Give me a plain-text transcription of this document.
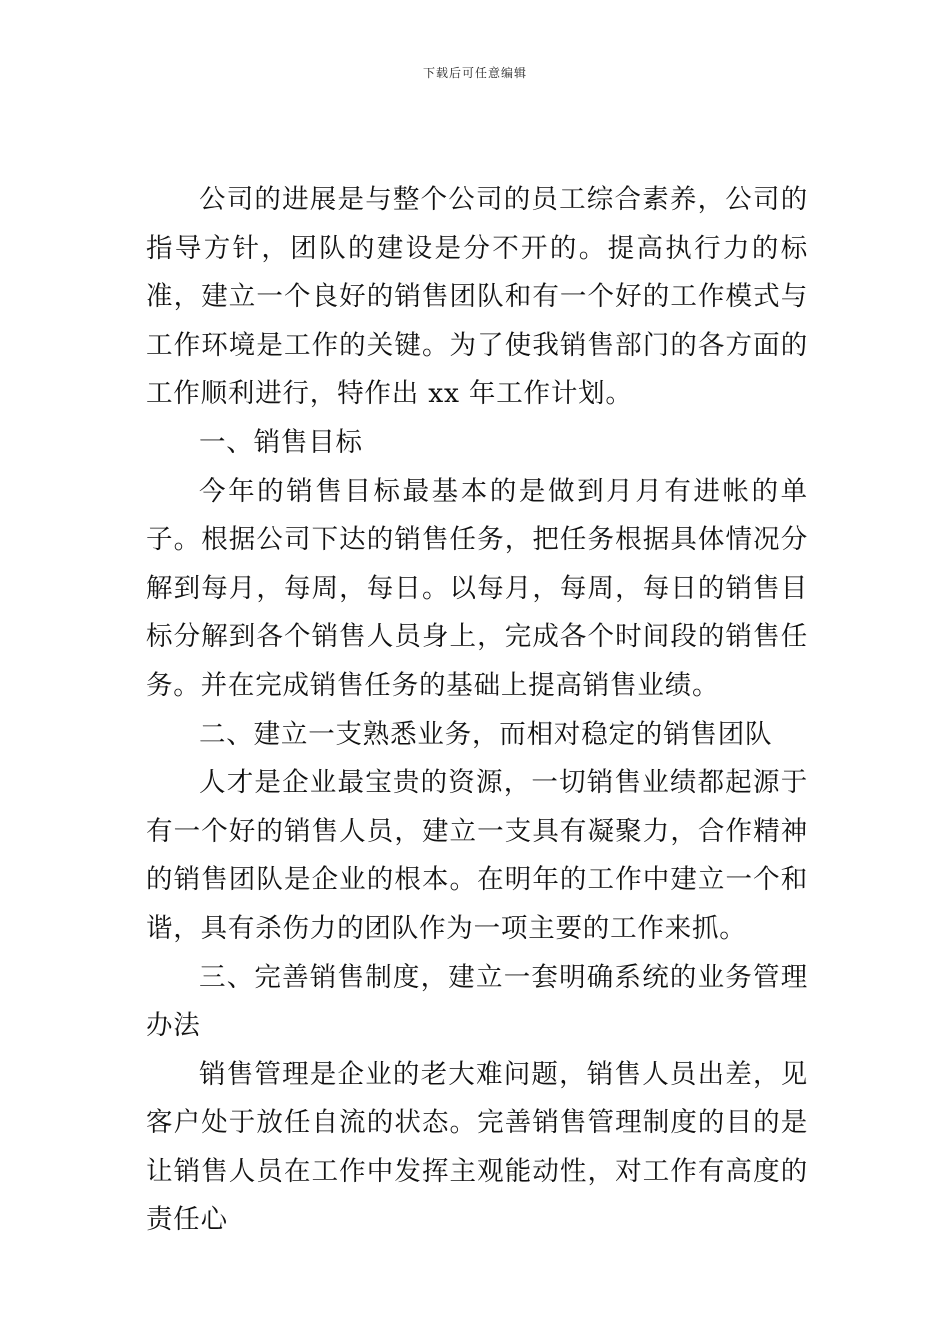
下载后可任意编辑

公司的进展是与整个公司的员工综合素养，公司的指导方针，团队的建设是分不开的。提高执行力的标准，建立一个良好的销售团队和有一个好的工作模式与工作环境是工作的关键。为了使我销售部门的各方面的工作顺利进行，特作出 xx 年工作计划。

一、销售目标

今年的销售目标最基本的是做到月月有进帐的单子。根据公司下达的销售任务，把任务根据具体情况分解到每月，每周，每日。以每月，每周，每日的销售目标分解到各个销售人员身上，完成各个时间段的销售任务。并在完成销售任务的基础上提高销售业绩。

二、建立一支熟悉业务，而相对稳定的销售团队

人才是企业最宝贵的资源，一切销售业绩都起源于有一个好的销售人员，建立一支具有凝聚力，合作精神的销售团队是企业的根本。在明年的工作中建立一个和谐，具有杀伤力的团队作为一项主要的工作来抓。

三、完善销售制度，建立一套明确系统的业务管理办法

销售管理是企业的老大难问题，销售人员出差，见客户处于放任自流的状态。完善销售管理制度的目的是让销售人员在工作中发挥主观能动性，对工作有高度的责任心
